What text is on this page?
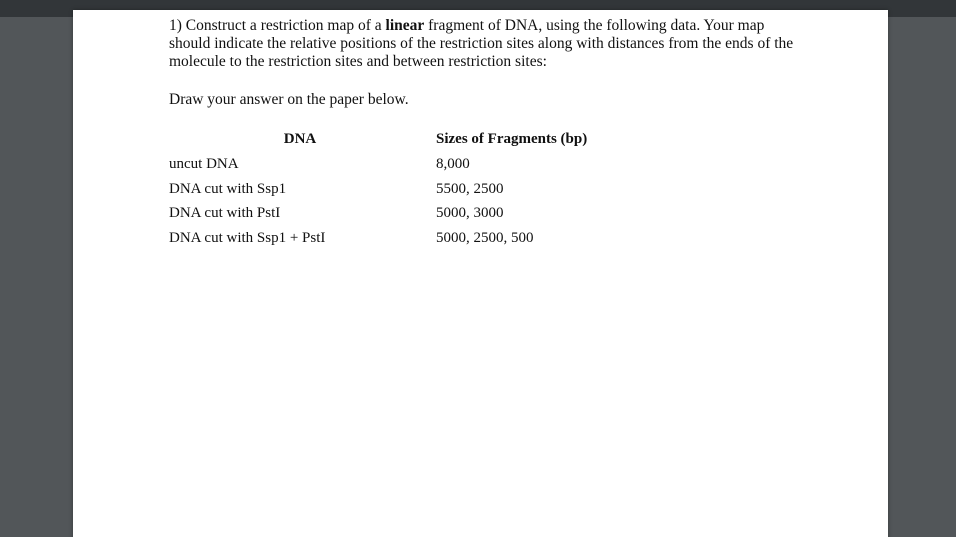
1) Construct a restriction map of a linear fragment of DNA, using the following data. Your map should indicate the relative positions of the restriction sites along with distances from the ends of the molecule to the restriction sites and between restriction sites:

Draw your answer on the paper below.

DNA	Sizes of Fragments (bp)
uncut DNA	8,000
DNA cut with Ssp1	5500, 2500
DNA cut with PstI	5000, 3000
DNA cut with Ssp1 + PstI	5000, 2500, 500
